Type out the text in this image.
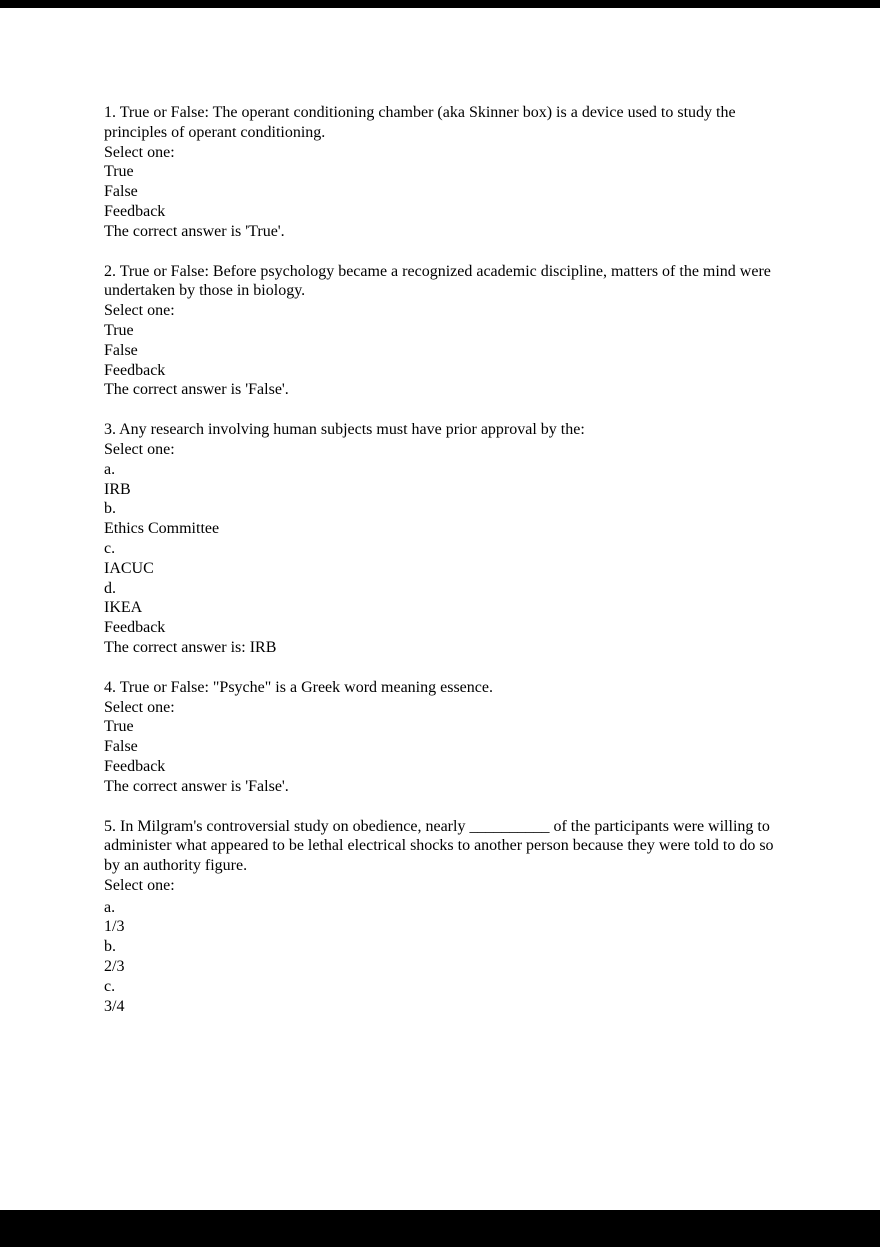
1. True or False: The operant conditioning chamber (aka Skinner box) is a device used to study the principles of operant conditioning.
Select one:
True
False
Feedback
The correct answer is 'True'.
2. True or False: Before psychology became a recognized academic discipline, matters of the mind were undertaken by those in biology.
Select one:
True
False
Feedback
The correct answer is 'False'.
3. Any research involving human subjects must have prior approval by the:
Select one:
a.
IRB
b.
Ethics Committee
c.
IACUC
d.
IKEA
Feedback
The correct answer is: IRB
4. True or False: "Psyche" is a Greek word meaning essence.
Select one:
True
False
Feedback
The correct answer is 'False'.
5. In Milgram's controversial study on obedience, nearly __________ of the participants were willing to administer what appeared to be lethal electrical shocks to another person because they were told to do so by an authority figure.
Select one:
a.
1/3
b.
2/3
c.
3/4
